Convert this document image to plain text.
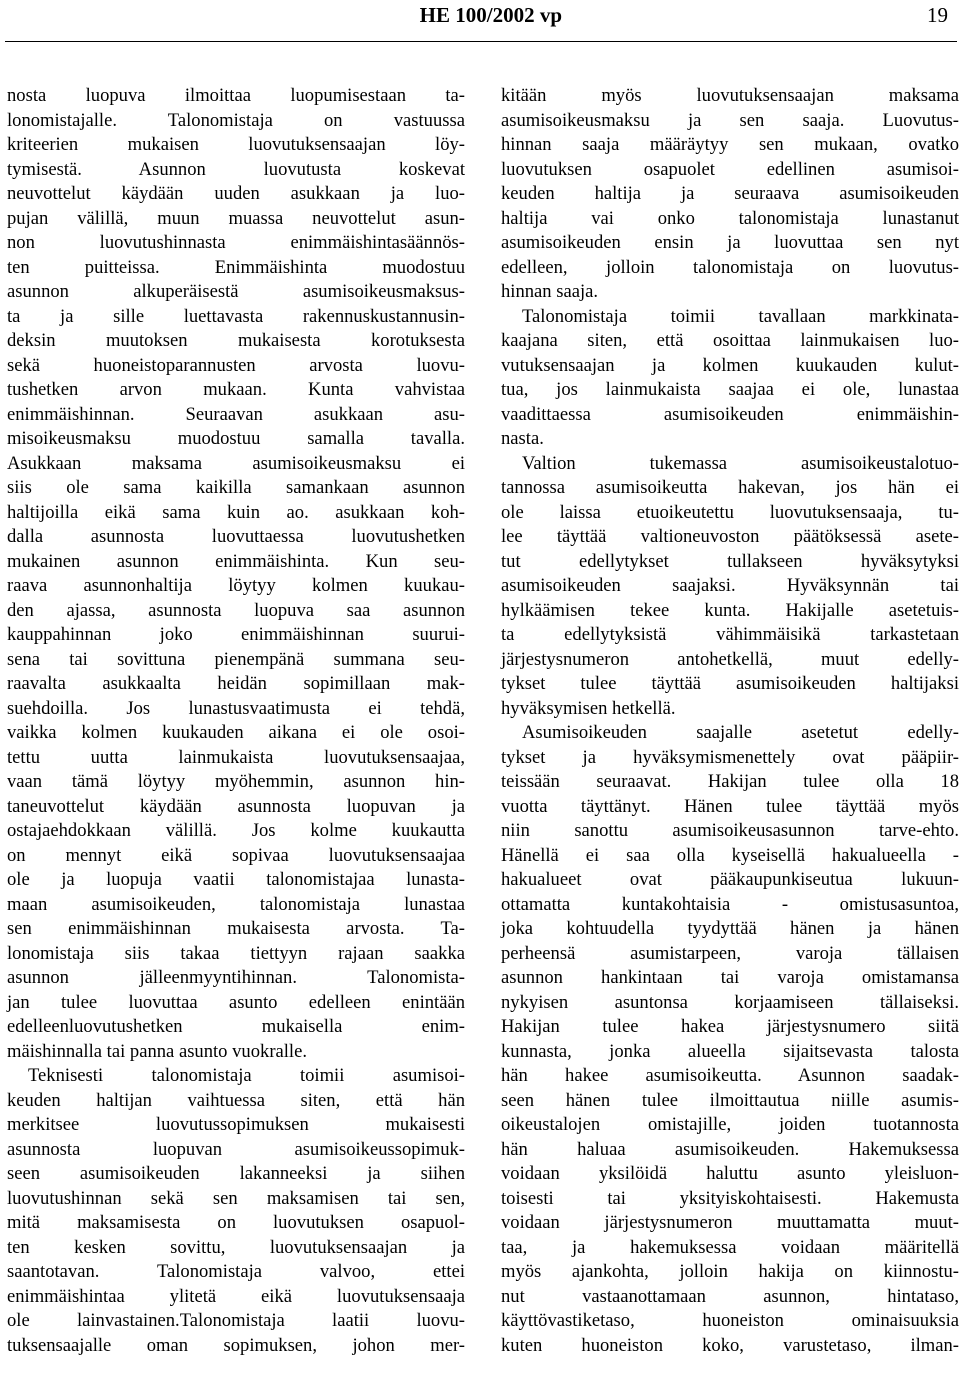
HE 100/2002 vp	19
nosta luopuva ilmoittaa luopumisestaan ta-
lonomistajalle. Talonomistaja on vastuussa
kriteerien mukaisen luovutuksensaajan löy-
tymisestä. Asunnon luovutusta koskevat
neuvottelut käydään uuden asukkaan ja luo-
pujan välillä, muun muassa neuvottelut asun-
non luovutushinnasta enimmäishintasäännös-
ten puitteissa. Enimmäishinta muodostuu
asunnon alkuperäisestä asumisoikeusmaksus-
ta ja sille luettavasta rakennuskustannusin-
deksin muutoksen mukaisesta korotuksesta
sekä huoneistoparannusten arvosta luovu-
tushetken arvon mukaan. Kunta vahvistaa
enimmäishinnan. Seuraavan asukkaan asu-
misoikeusmaksu muodostuu samalla tavalla.
Asukkaan maksama asumisoikeusmaksu ei
siis ole sama kaikilla samankaan asunnon
haltijoilla eikä sama kuin ao. asukkaan koh-
dalla asunnosta luovuttaessa luovutushetken
mukainen asunnon enimmäishinta. Kun seu-
raava asunnonhaltija löytyy kolmen kuukau-
den ajassa, asunnosta luopuva saa asunnon
kauppahinnan joko enimmäishinnan suurui-
sena tai sovittuna pienempänä summana seu-
raavalta asukkaalta heidän sopimillaan mak-
suehdoilla. Jos lunastusvaatimusta ei tehdä,
vaikka kolmen kuukauden aikana ei ole osoi-
tettu uutta lainmukaista luovutuksensaajaa,
vaan tämä löytyy myöhemmin, asunnon hin-
taneuvottelut käydään asunnosta luopuvan ja
ostajaehdokkaan välillä. Jos kolme kuukautta
on mennyt eikä sopivaa luovutuksensaajaa
ole ja luopuja vaatii talonomistajaa lunasta-
maan asumisoikeuden, talonomistaja lunastaa
sen enimmäishinnan mukaisesta arvosta. Ta-
lonomistaja siis takaa tiettyyn rajaan saakka
asunnon jälleenmyyntihinnan. Talonomista-
jan tulee luovuttaa asunto edelleen enintään
edelleenluovutushetken mukaisella enim-
mäishinnalla tai panna asunto vuokralle.
Teknisesti talonomistaja toimii asumisoi-
keuden haltijan vaihtuessa siten, että hän
merkitsee luovutussopimuksen mukaisesti
asunnosta luopuvan asumisoikeussopimuk-
seen asumisoikeuden lakanneeksi ja siihen
luovutushinnan sekä sen maksamisen tai sen,
mitä maksamisesta on luovutuksen osapuol-
ten kesken sovittu, luovutuksensaajan ja
saantotavan. Talonomistaja valvoo, ettei
enimmäishintaa ylitetä eikä luovutuksensaaja
ole lainvastainen.Talonomistaja laatii luovu-
tuksensaajalle oman sopimuksen, johon mer-
kitään myös luovutuksensaajan maksama
asumisoikeusmaksu ja sen saaja. Luovutus-
hinnan saaja määräytyy sen mukaan, ovatko
luovutuksen osapuolet edellinen asumisoi-
keuden haltija ja seuraava asumisoikeuden
haltija vai onko talonomistaja lunastanut
asumisoikeuden ensin ja luovuttaa sen nyt
edelleen, jolloin talonomistaja on luovutus-
hinnan saaja.
Talonomistaja toimii tavallaan markkinata-
kaajana siten, että osoittaa lainmukaisen luo-
vutuksensaajan ja kolmen kuukauden kulut-
tua, jos lainmukaista saajaa ei ole, lunastaa
vaadittaessa asumisoikeuden enimmäishin-
nasta.
Valtion tukemassa asumisoikeustalotuo-
tannossa asumisoikeutta hakevan, jos hän ei
ole laissa etuoikeutettu luovutuksensaaja, tu-
lee täyttää valtioneuvoston päätöksessä asete-
tut edellytykset tullakseen hyväksytyksi
asumisoikeuden saajaksi. Hyväksynnän tai
hylkäämisen tekee kunta. Hakijalle asetetuis-
ta edellytyksistä vähimmäisikä tarkastetaan
järjestysnumeron antohetkellä, muut edelly-
tykset tulee täyttää asumisoikeuden haltijaksi
hyväksymisen hetkellä.
Asumisoikeuden saajalle asetetut edelly-
tykset ja hyväksymismenettely ovat pääpiir-
teissään seuraavat. Hakijan tulee olla 18
vuotta täyttänyt. Hänen tulee täyttää myös
niin sanottu asumisoikeusasunnon tarve-ehto.
Hänellä ei saa olla kyseisellä hakualueella -
hakualueet ovat pääkaupunkiseutua lukuun-
ottamatta kuntakohtaisia - omistusasuntoa,
joka kohtuudella tyydyttää hänen ja hänen
perheensä asumistarpeen, varoja tällaisen
asunnon hankintaan tai varoja omistamansa
nykyisen asuntonsa korjaamiseen tällaiseksi.
Hakijan tulee hakea järjestysnumero siitä
kunnasta, jonka alueella sijaitsevasta talosta
hän hakee asumisoikeutta. Asunnon saadak-
seen hänen tulee ilmoittautua niille asumis-
oikeustalojen omistajille, joiden tuotannosta
hän haluaa asumisoikeuden. Hakemuksessa
voidaan yksilöidä haluttu asunto yleisluon-
toisesti tai yksityiskohtaisesti. Hakemusta
voidaan järjestysnumeron muuttamatta muut-
taa, ja hakemuksessa voidaan määritellä
myös ajankohta, jolloin hakija on kiinnostu-
nut vastaanottamaan asunnon, hintataso,
käyttövastiketaso, huoneiston ominaisuuksia
kuten huoneiston koko, varustetaso, ilman-
